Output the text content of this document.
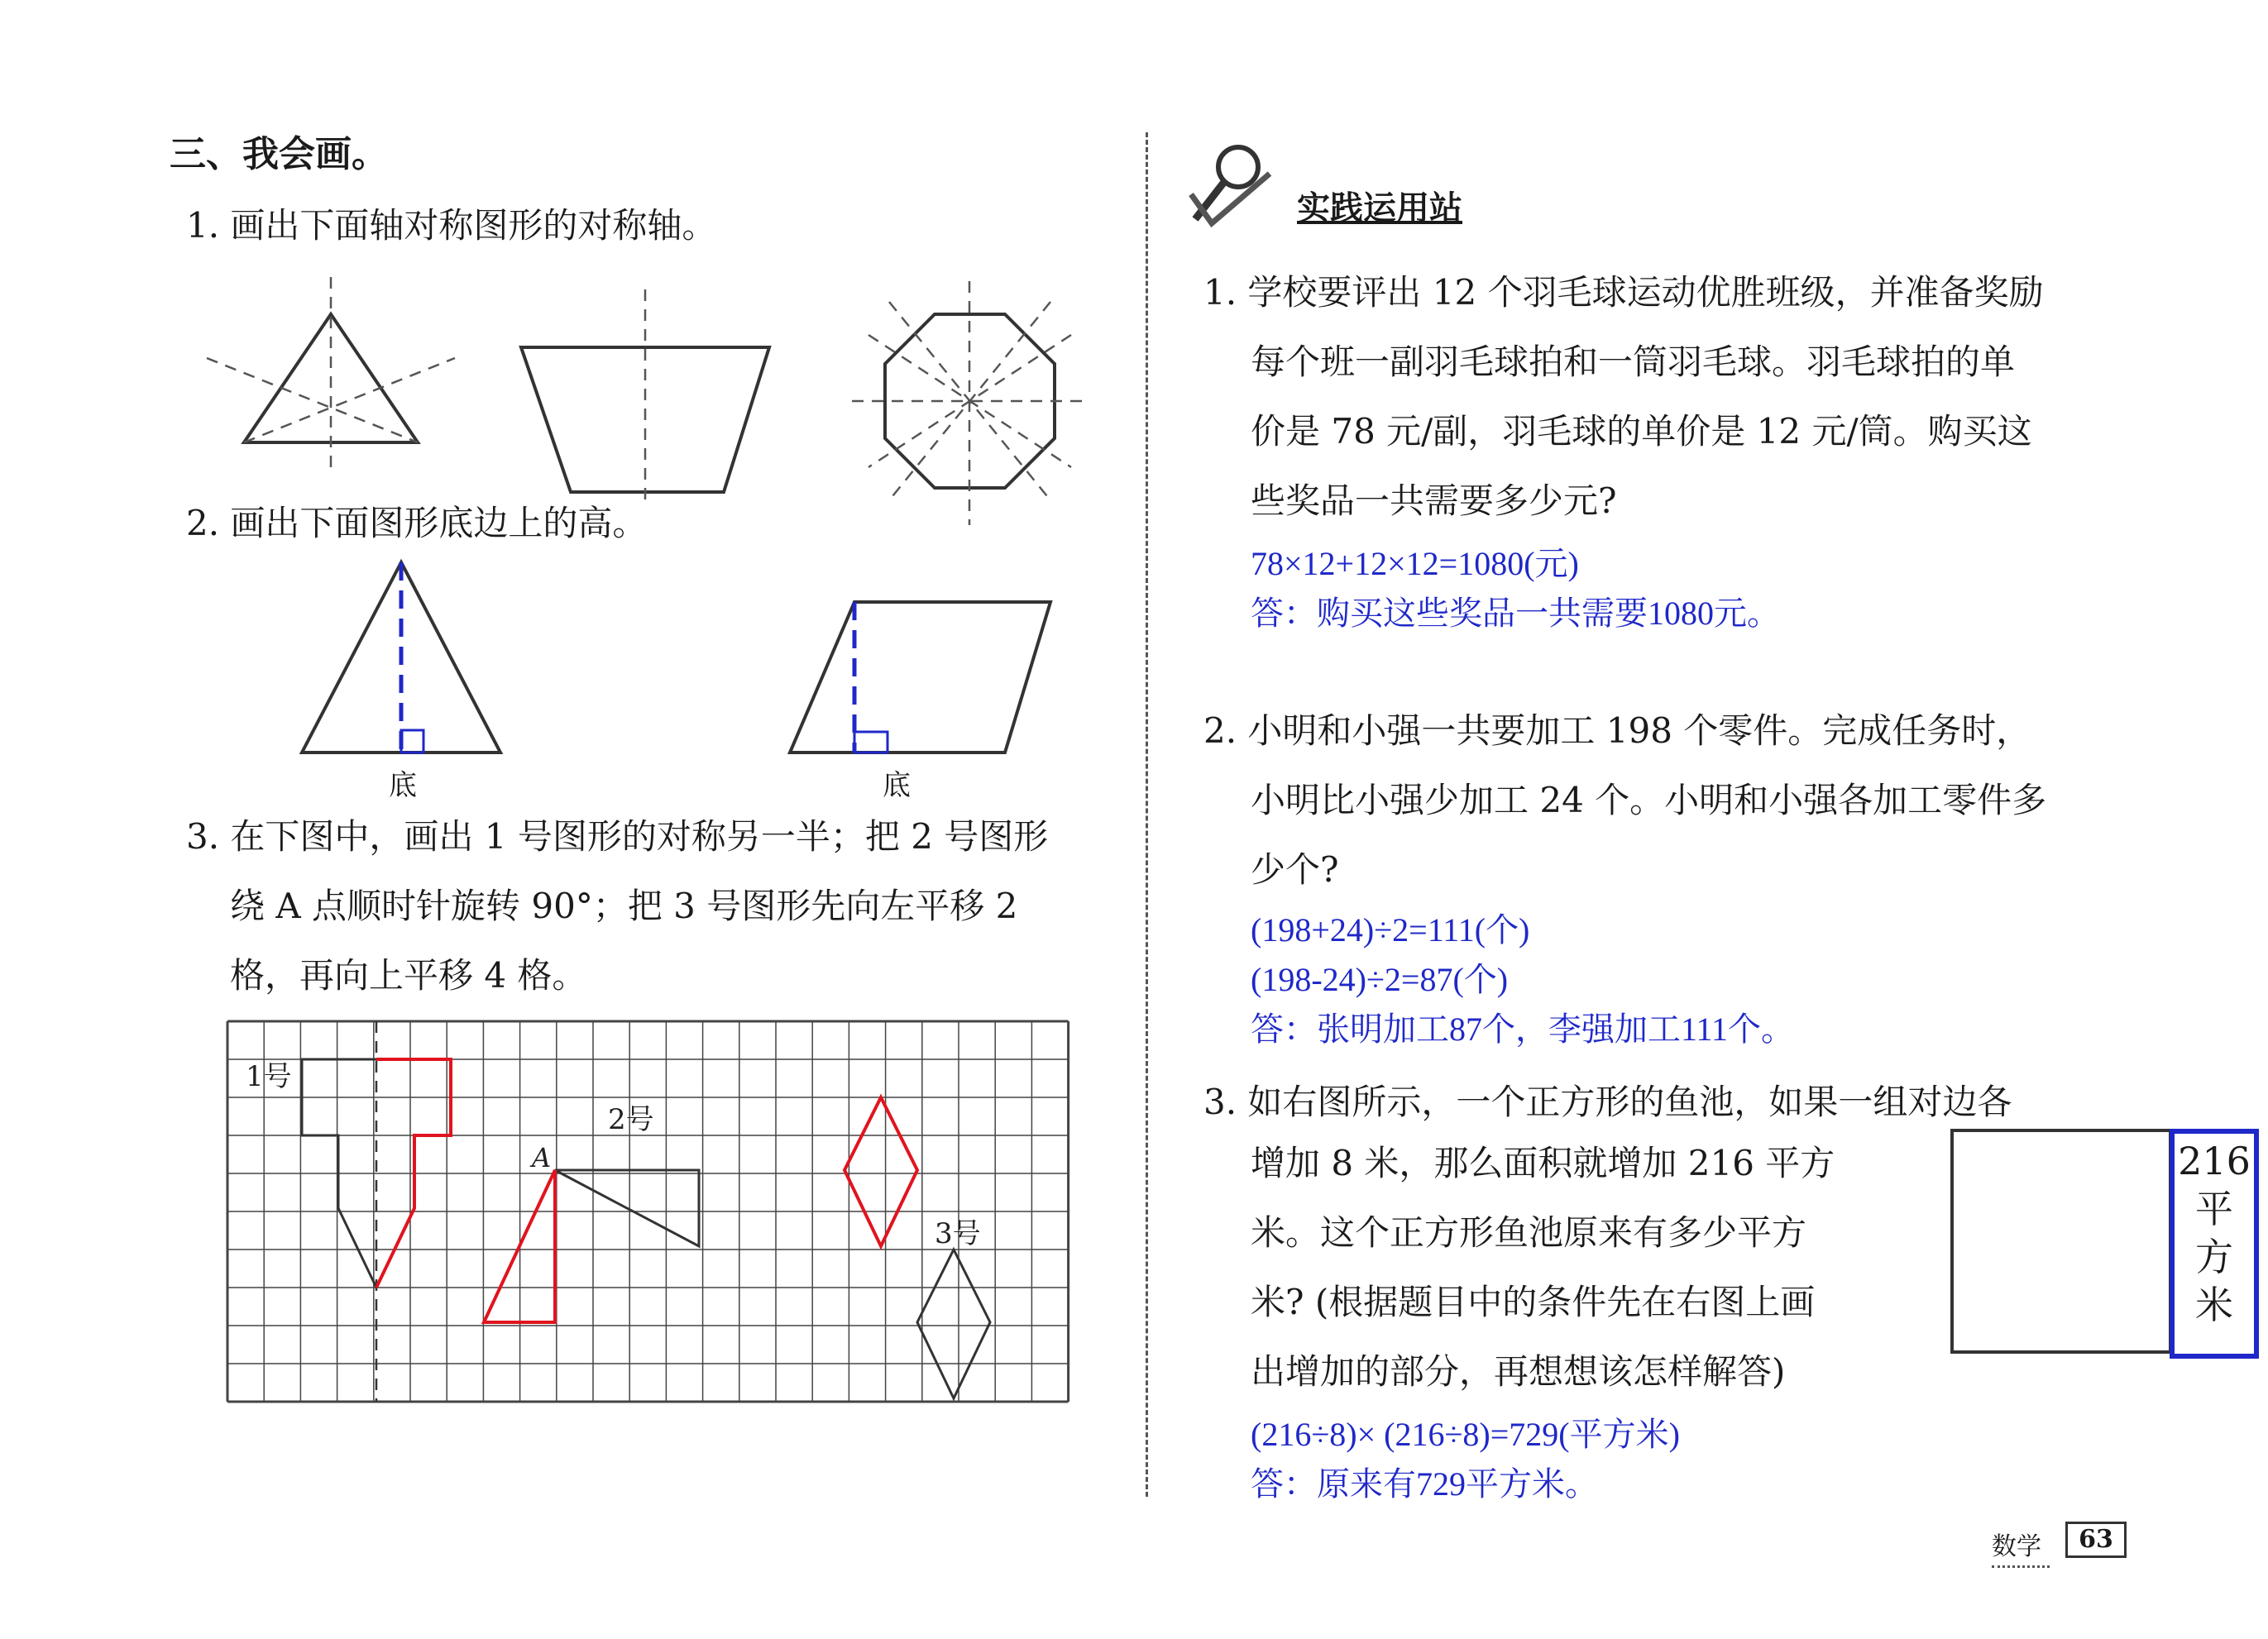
三、我会画。
1. 画出下面轴对称图形的对称轴。
2. 画出下面图形底边上的高。
底	底
3. 在下图中，画出 1 号图形的对称另一半；把 2 号图形
绕 A 点顺时针旋转 90°；把 3 号图形先向左平移 2
格，再向上平移 4 格。
1号
2号
3号
A
实践运用站
1. 学校要评出 12 个羽毛球运动优胜班级，并准备奖励
每个班一副羽毛球拍和一筒羽毛球。羽毛球拍的单
价是 78 元/副，羽毛球的单价是 12 元/筒。购买这
些奖品一共需要多少元?
78×12+12×12=1080(元)
答：购买这些奖品一共需要1080元。
2. 小明和小强一共要加工 198 个零件。完成任务时，
小明比小强少加工 24 个。小明和小强各加工零件多
少个?
(198+24)÷2=111(个)
(198-24)÷2=87(个)
答：张明加工87个，李强加工111个。
3. 如右图所示，一个正方形的鱼池，如果一组对边各
增加 8 米，那么面积就增加 216 平方
米。这个正方形鱼池原来有多少平方
米? (根据题目中的条件先在右图上画
出增加的部分，再想想该怎样解答)
216
平
方
米
(216÷8)× (216÷8)=729(平方米)
答：原来有729平方米。
数学	63
